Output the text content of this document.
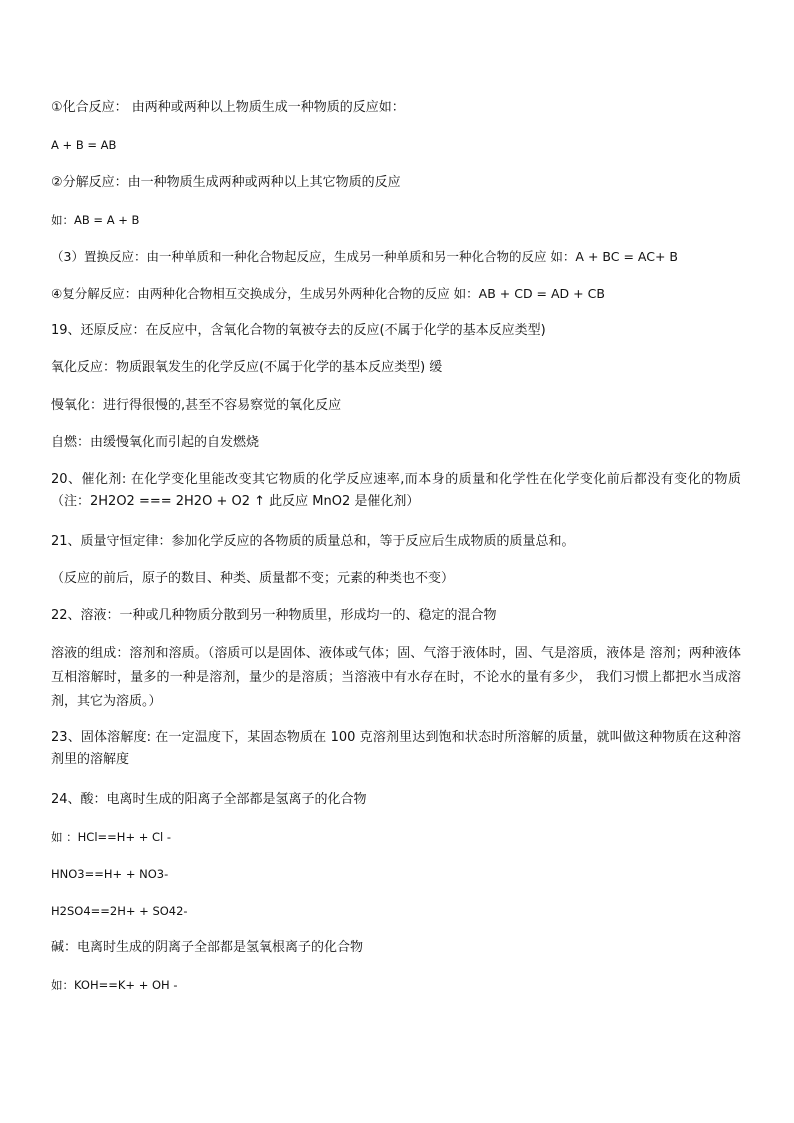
①化合反应： 由两种或两种以上物质生成一种物质的反应如：
A + B = AB
②分解反应：由一种物质生成两种或两种以上其它物质的反应
如：AB = A + B
（3）置换反应：由一种单质和一种化合物起反应，生成另一种单质和另一种化合物的反应 如：A + BC = AC+ B
④复分解反应：由两种化合物相互交换成分，生成另外两种化合物的反应 如：AB + CD = AD + CB
19、还原反应：在反应中，含氧化合物的氧被夺去的反应(不属于化学的基本反应类型)
氧化反应：物质跟氧发生的化学反应(不属于化学的基本反应类型) 缓
慢氧化：进行得很慢的,甚至不容易察觉的氧化反应
自燃：由缓慢氧化而引起的自发燃烧
20、催化剂: 在化学变化里能改变其它物质的化学反应速率,而本身的质量和化学性在化学变化前后都没有变化的物质（注：2H2O2 === 2H2O + O2 ↑ 此反应 MnO2 是催化剂）
21、质量守恒定律：参加化学反应的各物质的质量总和，等于反应后生成物质的质量总和。
（反应的前后，原子的数目、种类、质量都不变；元素的种类也不变）
22、溶液：一种或几种物质分散到另一种物质里，形成均一的、稳定的混合物
溶液的组成：溶剂和溶质。（溶质可以是固体、液体或气体；固、气溶于液体时，固、气是溶质，液体是 溶剂；两种液体互相溶解时，量多的一种是溶剂，量少的是溶质；当溶液中有水存在时，不论水的量有多少， 我们习惯上都把水当成溶剂，其它为溶质。）
23、固体溶解度: 在一定温度下，某固态物质在 100 克溶剂里达到饱和状态时所溶解的质量，就叫做这种物质在这种溶剂里的溶解度
24、酸：电离时生成的阳离子全部都是氢离子的化合物
如 ：HCl==H+ + Cl -
HNO3==H+ + NO3-
H2SO4==2H+ + SO42-
碱：电离时生成的阴离子全部都是氢氧根离子的化合物
如：KOH==K+ + OH -
